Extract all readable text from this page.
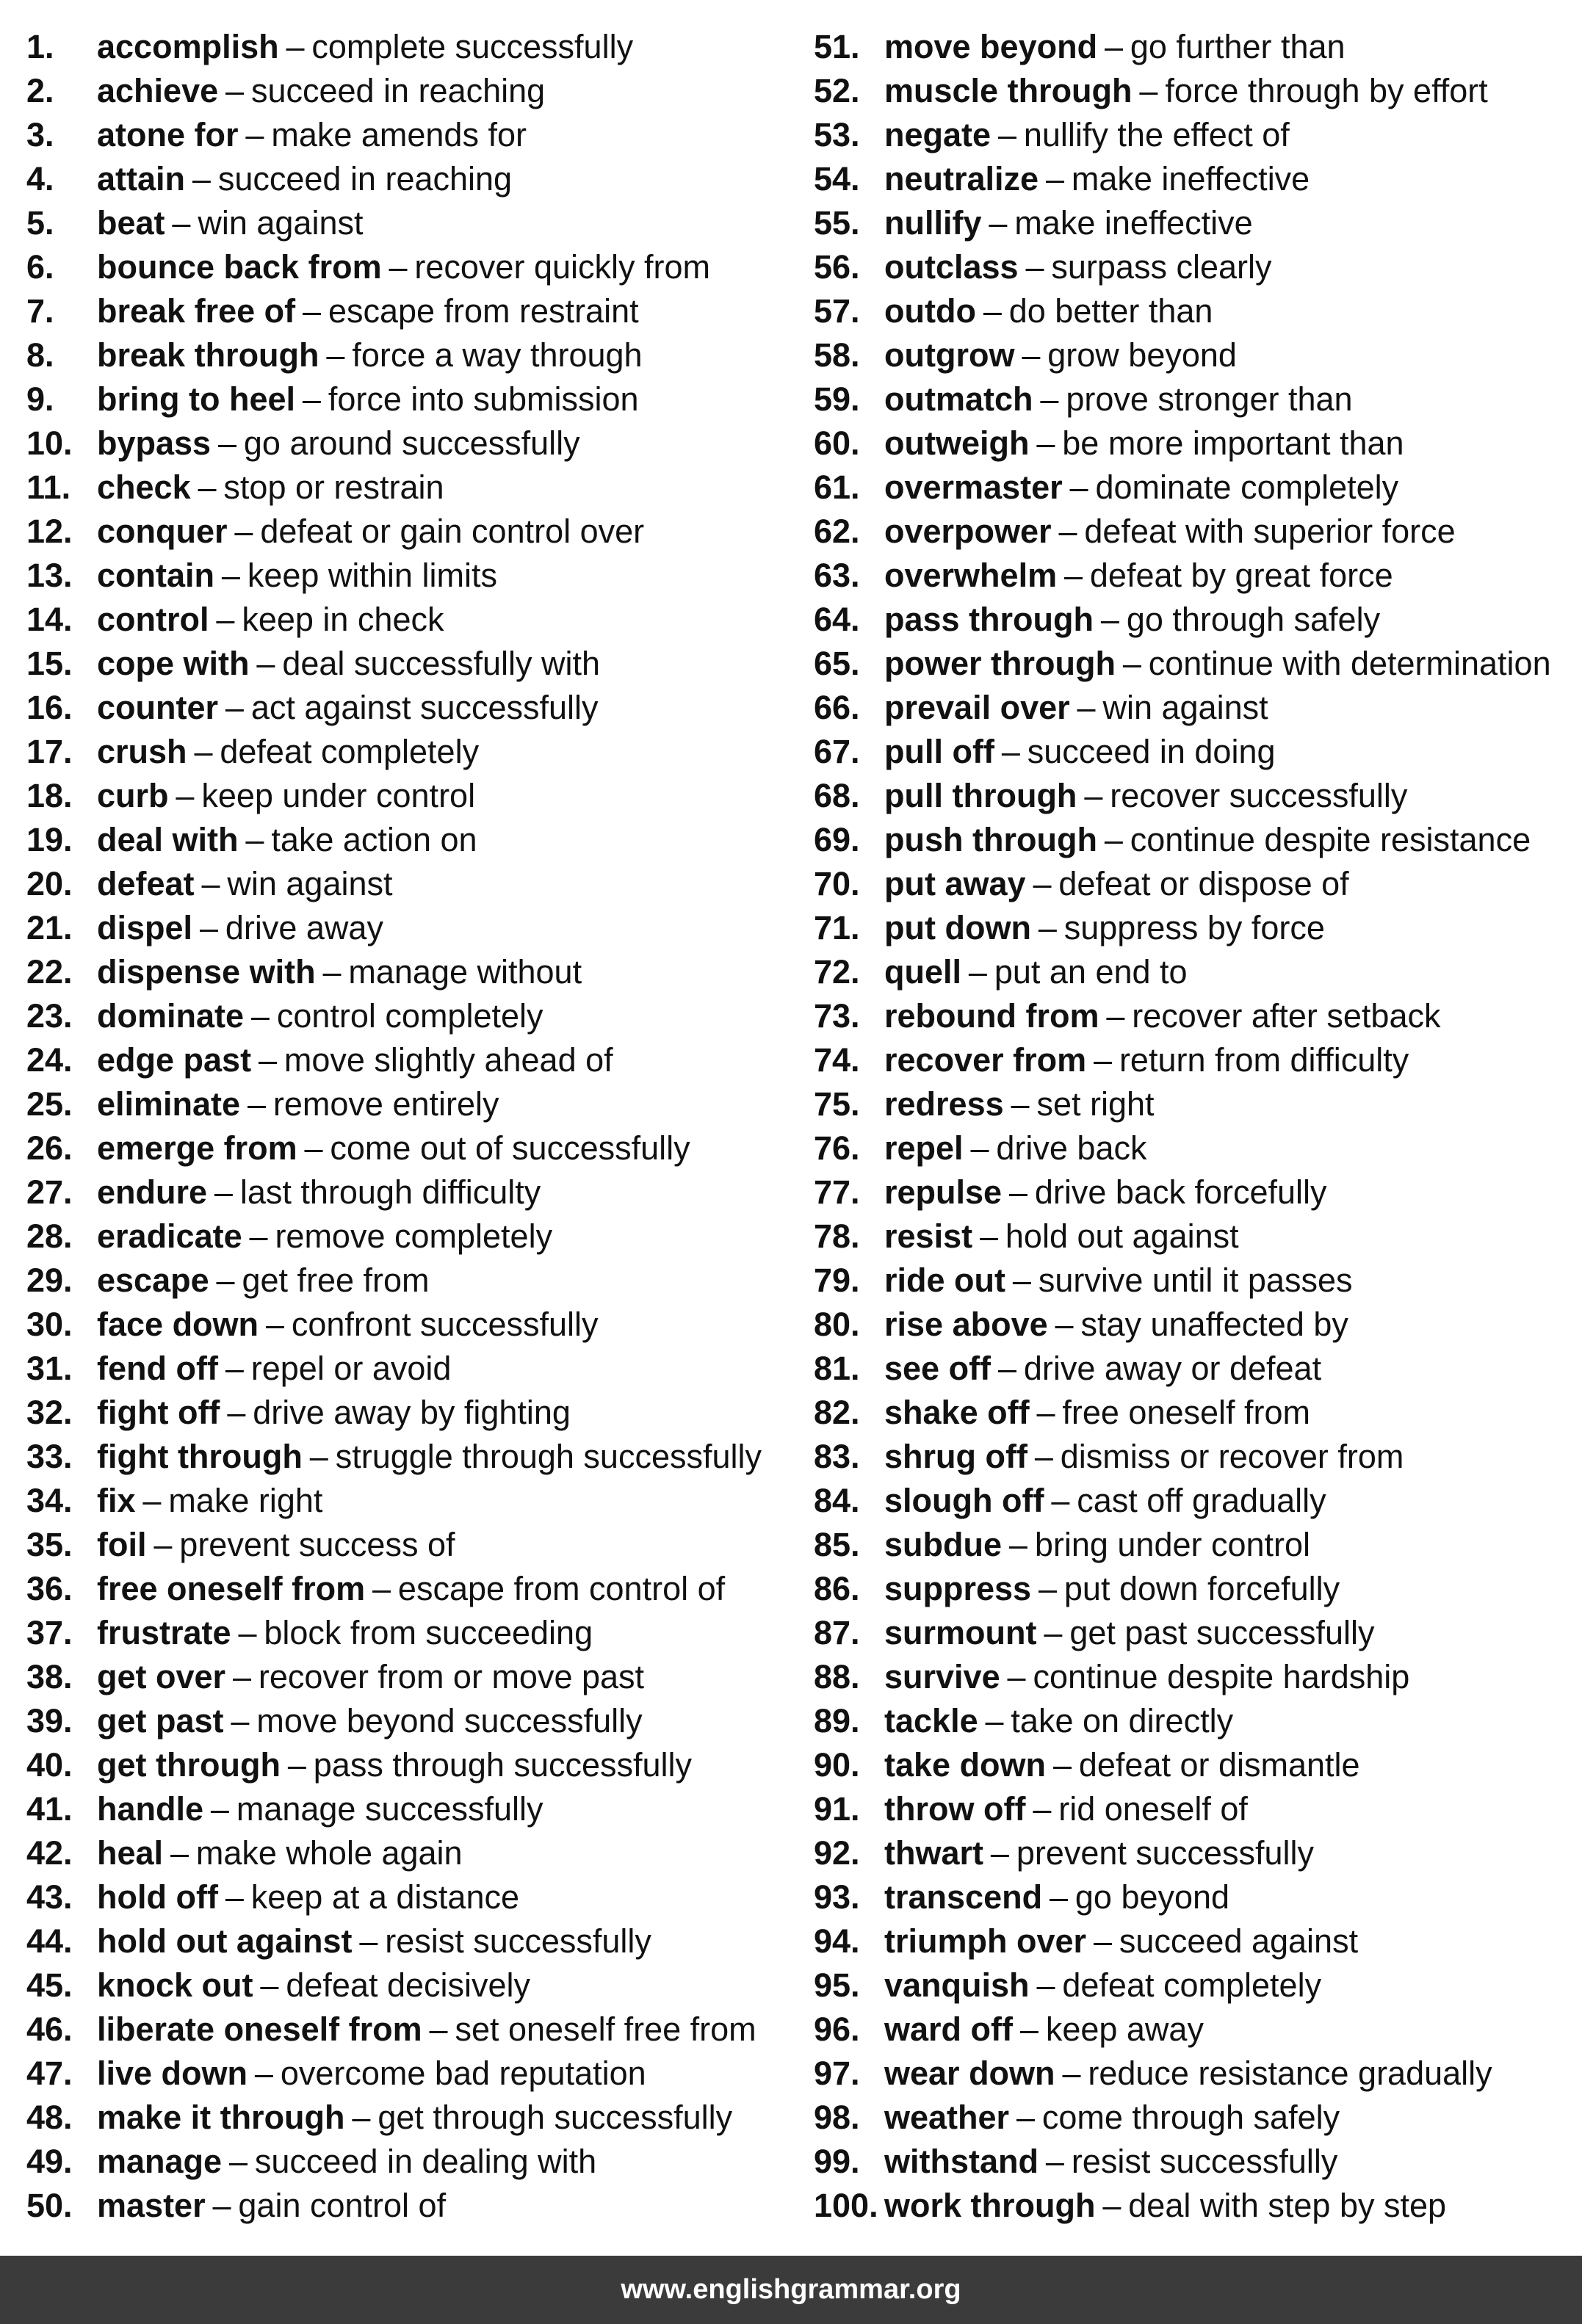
1.	accomplish – complete successfully
2.	achieve – succeed in reaching
3.	atone for – make amends for
4.	attain – succeed in reaching
5.	beat – win against
6.	bounce back from – recover quickly from
7.	break free of – escape from restraint
8.	break through – force a way through
9.	bring to heel – force into submission
10. bypass – go around successfully
11. check – stop or restrain
12. conquer – defeat or gain control over
13. contain – keep within limits
14. control – keep in check
15. cope with – deal successfully with
16. counter – act against successfully
17. crush – defeat completely
18. curb – keep under control
19. deal with – take action on
20. defeat – win against
21. dispel – drive away
22. dispense with – manage without
23. dominate – control completely
24. edge past – move slightly ahead of
25. eliminate – remove entirely
26. emerge from – come out of successfully
27. endure – last through difficulty
28. eradicate – remove completely
29. escape – get free from
30. face down – confront successfully
31. fend off – repel or avoid
32. fight off – drive away by fighting
33. fight through – struggle through successfully
34. fix – make right
35. foil – prevent success of
36. free oneself from – escape from control of
37. frustrate – block from succeeding
38. get over – recover from or move past
39. get past – move beyond successfully
40. get through – pass through successfully
41. handle – manage successfully
42. heal – make whole again
43. hold off – keep at a distance
44. hold out against – resist successfully
45. knock out – defeat decisively
46. liberate oneself from – set oneself free from
47. live down – overcome bad reputation
48. make it through – get through successfully
49. manage – succeed in dealing with
50. master – gain control of
51. move beyond – go further than
52. muscle through – force through by effort
53. negate – nullify the effect of
54. neutralize – make ineffective
55. nullify – make ineffective
56. outclass – surpass clearly
57. outdo – do better than
58. outgrow – grow beyond
59. outmatch – prove stronger than
60. outweigh – be more important than
61. overmaster – dominate completely
62. overpower – defeat with superior force
63. overwhelm – defeat by great force
64. pass through – go through safely
65. power through – continue with determination
66. prevail over – win against
67. pull off – succeed in doing
68. pull through – recover successfully
69. push through – continue despite resistance
70. put away – defeat or dispose of
71. put down – suppress by force
72. quell – put an end to
73. rebound from – recover after setback
74. recover from – return from difficulty
75. redress – set right
76. repel – drive back
77. repulse – drive back forcefully
78. resist – hold out against
79. ride out – survive until it passes
80. rise above – stay unaffected by
81. see off – drive away or defeat
82. shake off – free oneself from
83. shrug off – dismiss or recover from
84. slough off – cast off gradually
85. subdue – bring under control
86. suppress – put down forcefully
87. surmount – get past successfully
88. survive – continue despite hardship
89. tackle – take on directly
90. take down – defeat or dismantle
91. throw off – rid oneself of
92. thwart – prevent successfully
93. transcend – go beyond
94. triumph over – succeed against
95. vanquish – defeat completely
96. ward off – keep away
97. wear down – reduce resistance gradually
98. weather – come through safely
99. withstand – resist successfully
100. work through – deal with step by step
www.englishgrammar.org
